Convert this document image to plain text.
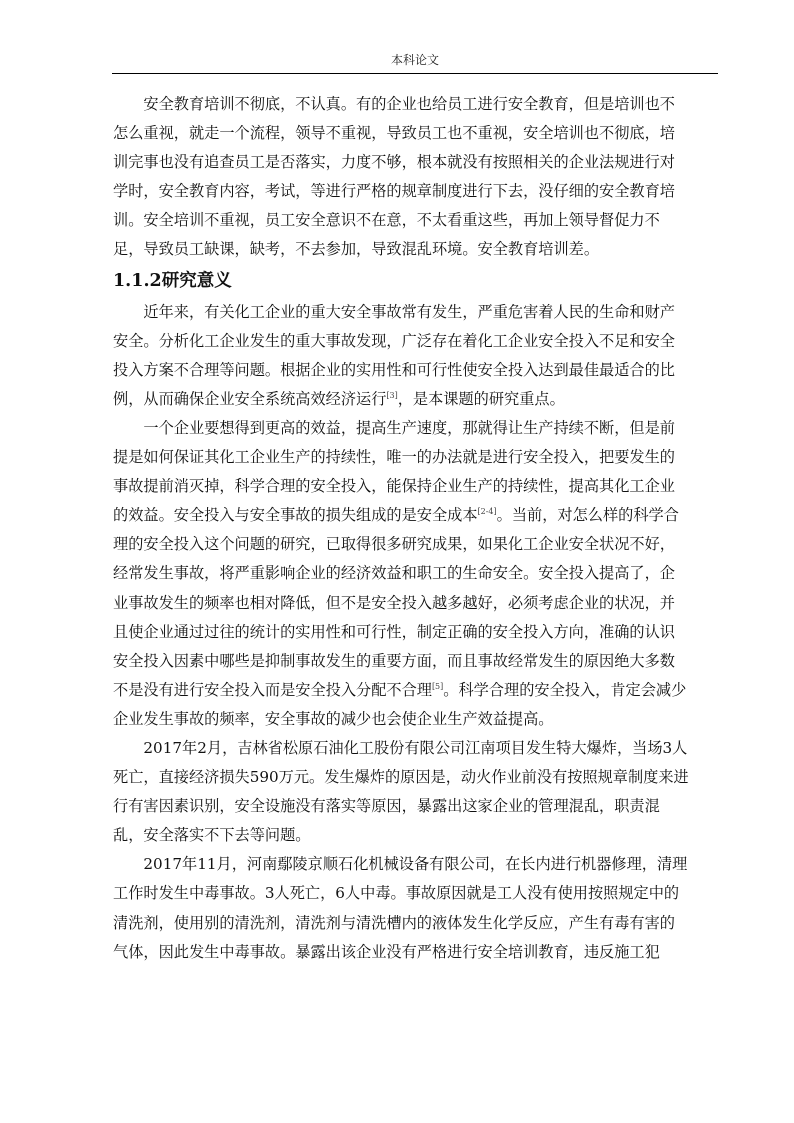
本科论文
　　安全教育培训不彻底，不认真。有的企业也给员工进行安全教育，但是培训也不
怎么重视，就走一个流程，领导不重视，导致员工也不重视，安全培训也不彻底，培
训完事也没有追查员工是否落实，力度不够，根本就没有按照相关的企业法规进行对
学时，安全教育内容，考试，等进行严格的规章制度进行下去，没仔细的安全教育培
训。安全培训不重视，员工安全意识不在意，不太看重这些，再加上领导督促力不
足，导致员工缺课，缺考，不去参加，导致混乱环境。安全教育培训差。
1.1.2研究意义
　　近年来，有关化工企业的重大安全事故常有发生，严重危害着人民的生命和财产
安全。分析化工企业发生的重大事故发现，广泛存在着化工企业安全投入不足和安全
投入方案不合理等问题。根据企业的实用性和可行性使安全投入达到最佳最适合的比
例，从而确保企业安全系统高效经济运行[3]，是本课题的研究重点。
　　一个企业要想得到更高的效益，提高生产速度，那就得让生产持续不断，但是前
提是如何保证其化工企业生产的持续性，唯一的办法就是进行安全投入，把要发生的
事故提前消灭掉，科学合理的安全投入，能保持企业生产的持续性，提高其化工企业
的效益。安全投入与安全事故的损失组成的是安全成本[2-4]。当前，对怎么样的科学合
理的安全投入这个问题的研究，已取得很多研究成果，如果化工企业安全状况不好，
经常发生事故，将严重影响企业的经济效益和职工的生命安全。安全投入提高了，企
业事故发生的频率也相对降低，但不是安全投入越多越好，必须考虑企业的状况，并
且使企业通过过往的统计的实用性和可行性，制定正确的安全投入方向，准确的认识
安全投入因素中哪些是抑制事故发生的重要方面，而且事故经常发生的原因绝大多数
不是没有进行安全投入而是安全投入分配不合理[5]。科学合理的安全投入，肯定会减少
企业发生事故的频率，安全事故的减少也会使企业生产效益提高。
　　2017年2月，吉林省松原石油化工股份有限公司江南项目发生特大爆炸，当场3人
死亡，直接经济损失590万元。发生爆炸的原因是，动火作业前没有按照规章制度来进
行有害因素识别，安全设施没有落实等原因，暴露出这家企业的管理混乱，职责混
乱，安全落实不下去等问题。
　　2017年11月，河南鄢陵京顺石化机械设备有限公司，在长内进行机器修理，清理
工作时发生中毒事故。3人死亡，6人中毒。事故原因就是工人没有使用按照规定中的
清洗剂，使用别的清洗剂，清洗剂与清洗槽内的液体发生化学反应，产生有毒有害的
气体，因此发生中毒事故。暴露出该企业没有严格进行安全培训教育，违反施工犯
